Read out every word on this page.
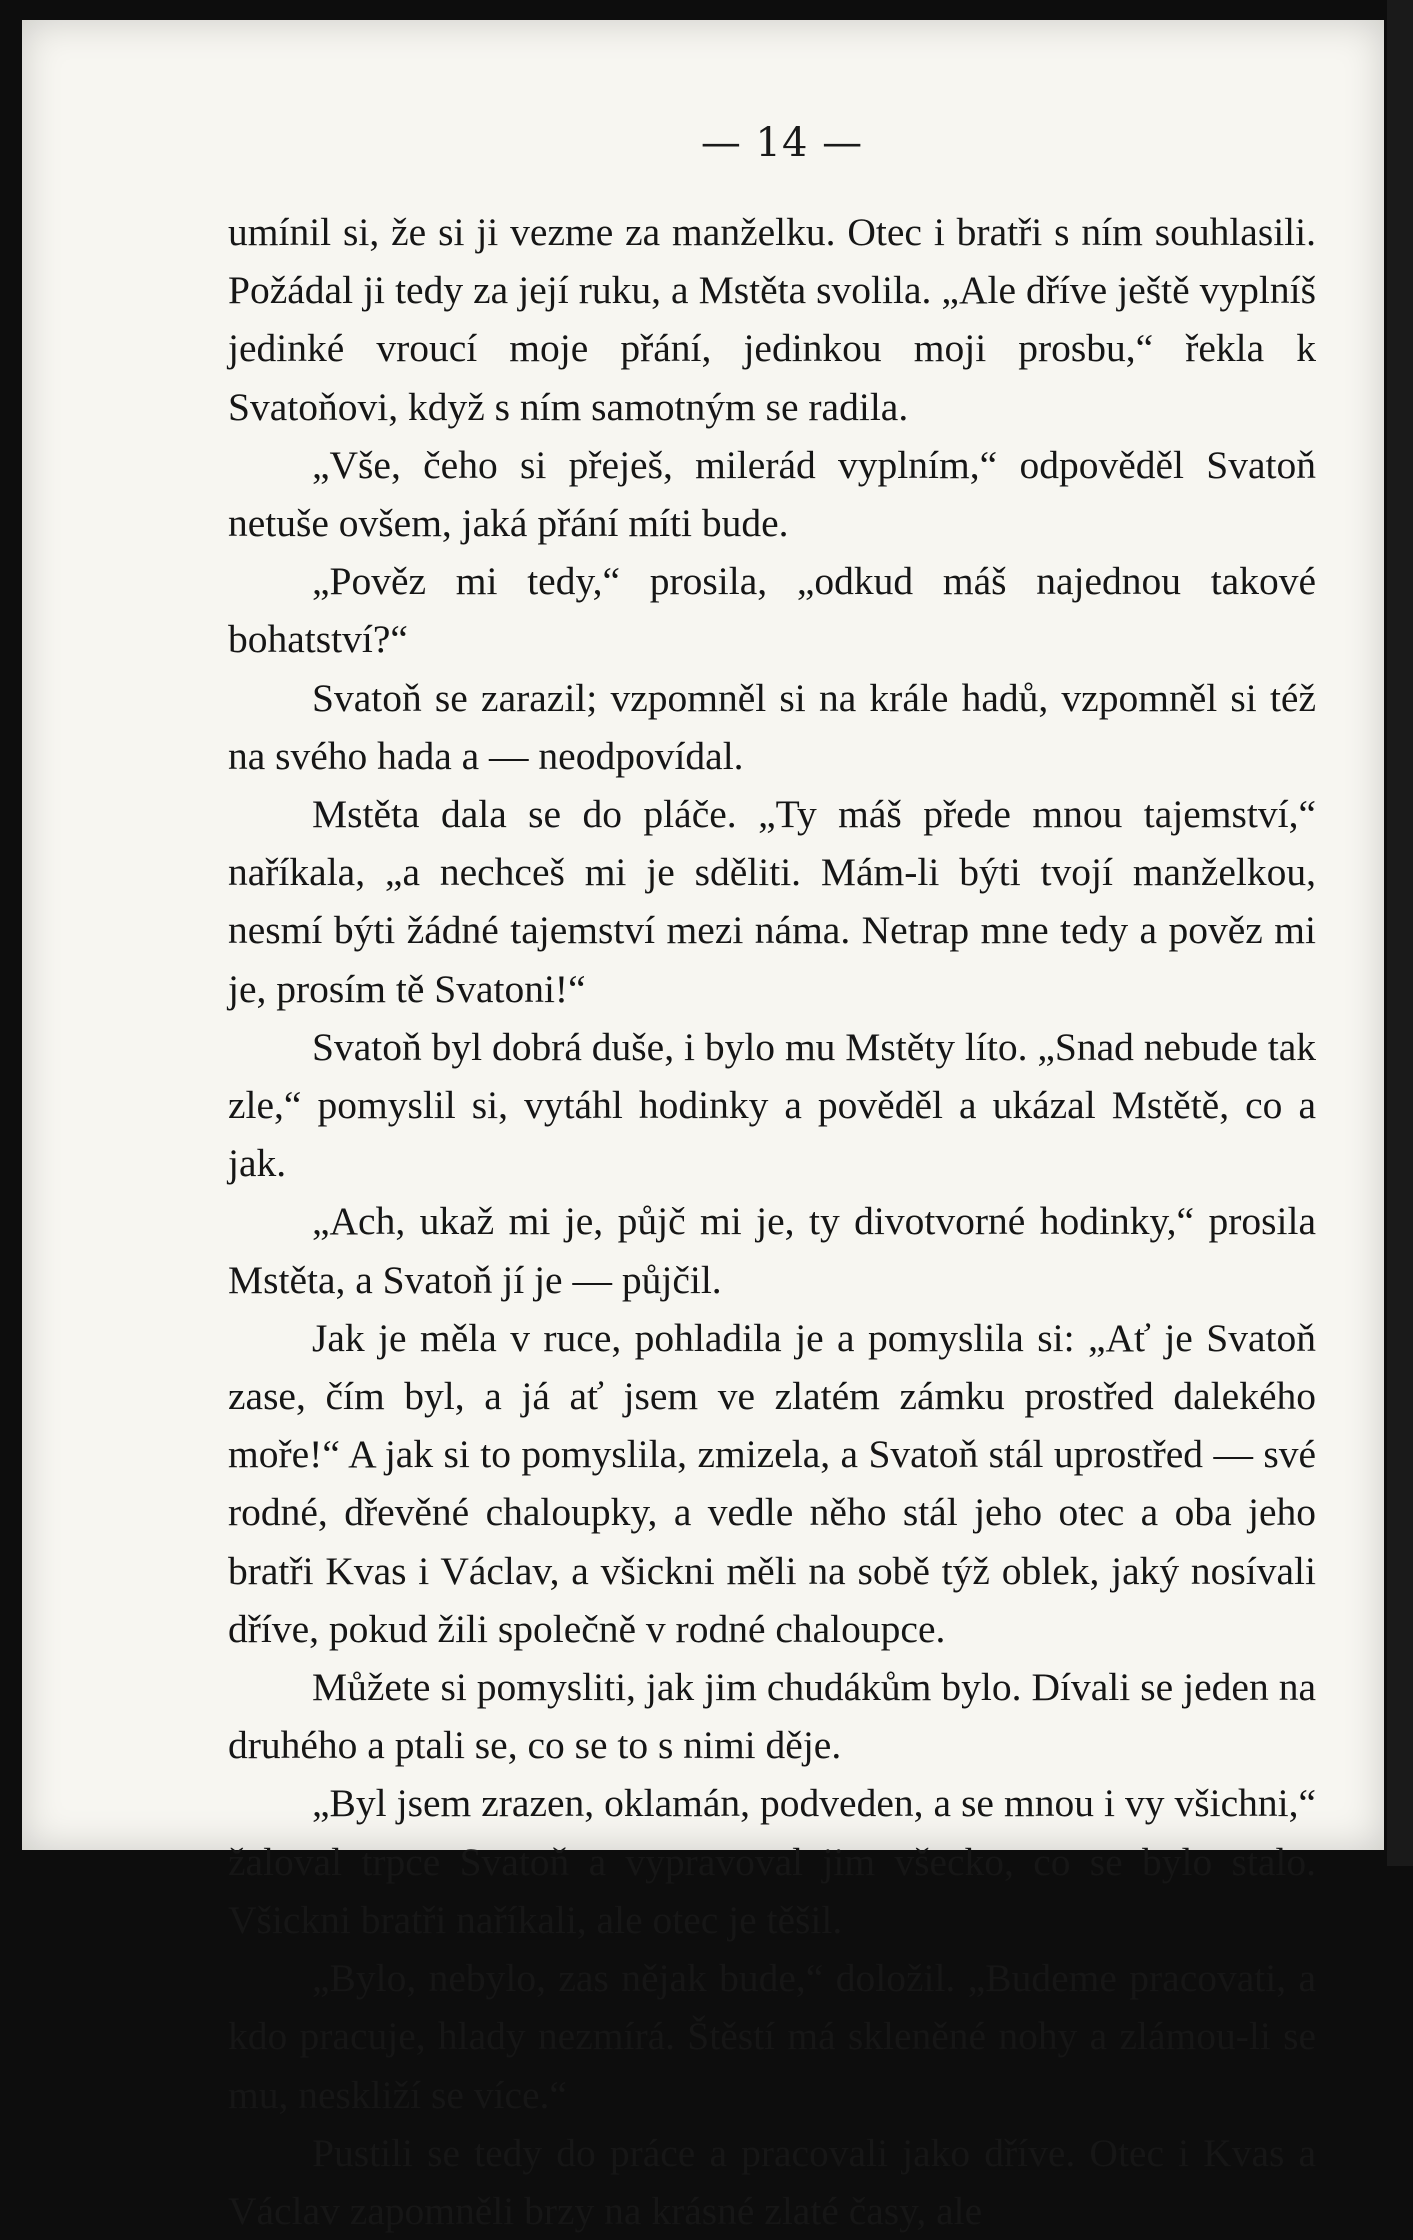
— 14 —

umínil si, že si ji vezme za manželku. Otec i bratři s ním souhlasili. Požádal ji tedy za její ruku, a Mstěta svolila. „Ale dříve ještě vyplníš jedinké vroucí moje přání, jedinkou moji prosbu,“ řekla k Svatoňovi, když s ním samotným se radila.

„Vše, čeho si přeješ, milerád vyplním,“ odpověděl Svatoň netuše ovšem, jaká přání míti bude.

„Pověz mi tedy,“ prosila, „odkud máš najednou takové bohatství?“

Svatoň se zarazil; vzpomněl si na krále hadů, vzpomněl si též na svého hada a — neodpovídal.

Mstěta dala se do pláče. „Ty máš přede mnou tajemství,“ naříkala, „a nechceš mi je sděliti. Mám-li býti tvojí manželkou, nesmí býti žádné tajemství mezi náma. Netrap mne tedy a pověz mi je, prosím tě Svatoni!“

Svatoň byl dobrá duše, i bylo mu Mstěty líto. „Snad nebude tak zle,“ pomyslil si, vytáhl hodinky a pověděl a ukázal Mstětě, co a jak.

„Ach, ukaž mi je, půjč mi je, ty divotvorné hodinky,“ prosila Mstěta, a Svatoň jí je — půjčil.

Jak je měla v ruce, pohladila je a pomyslila si: „Ať je Svatoň zase, čím byl, a já ať jsem ve zlatém zámku prostřed dalekého moře!“ A jak si to pomyslila, zmizela, a Svatoň stál uprostřed — své rodné, dřevěné chaloupky, a vedle něho stál jeho otec a oba jeho bratři Kvas i Václav, a všickni měli na sobě týž oblek, jaký nosívali dříve, pokud žili společně v rodné chaloupce.

Můžete si pomysliti, jak jim chudákům bylo. Dívali se jeden na druhého a ptali se, co se to s nimi děje.

„Byl jsem zrazen, oklamán, podveden, a se mnou i vy všichni,“ žaloval trpce Svatoň a vypravoval jim všecko, co se bylo stalo. Všickni bratři naříkali, ale otec je těšil.

„Bylo, nebylo, zas nějak bude,“ doložil. „Budeme pracovati, a kdo pracuje, hlady nezmírá. Štěstí má skleněné nohy a zlámou-li se mu, neskliží se více.“

Pustili se tedy do práce a pracovali jako dříve. Otec i Kvas a Václav zapomněli brzy na krásné zlaté časy, ale
